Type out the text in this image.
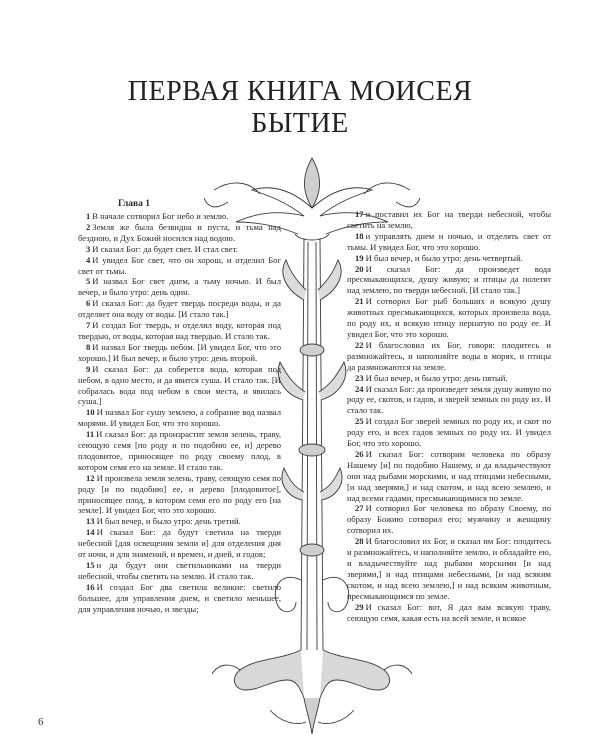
ПЕРВАЯ КНИГА МОИСЕЯ
БЫТИЕ
Глава 1

1 В начале сотворил Бог небо и землю.

2 Земля же была безвидна и пуста, и тьма над бездною, и Дух Божий носился над водою.

3 И сказал Бог: да будет свет. И стал свет.

4 И увидел Бог свет, что он хорош, и отделил Бог свет от тьмы.

5 И назвал Бог свет днем, а тьму ночью. И был вечер, и было утро: день один.

6 И сказал Бог: да будет твердь посреди воды, и да отделяет она воду от воды. [И стало так.]

7 И создал Бог твердь, и отделил воду, которая под твердью, от воды, которая над твердью. И стало так.

8 И назвал Бог твердь небом. [И увидел Бог, что это хорошо.] И был вечер, и было утро: день второй.

9 И сказал Бог: да соберется вода, которая под небом, в одно место, и да явится суша. И стало так. [И собралась вода под небом в свои места, и явилась суша.]

10 И назвал Бог сушу землею, а собрание вод назвал морями. И увидел Бог, что это хорошо.

11 И сказал Бог: да произрастит земля зелень, траву, сеющую семя [по роду и по подобию ее, и] дерево плодовитое, приносящее по роду своему плод, в котором семя его на земле. И стало так.

12 И произвела земля зелень, траву, сеющую семя по роду [и по подобию] ее, и дерево [плодовитое], приносящее плод, в котором семя его по роду его [на земле]. И увидел Бог, что это хорошо.

13 И был вечер, и было утро: день третий.

14 И сказал Бог: да будут светила на тверди небесной [для освещения земли и] для отделения дня от ночи, и для знамений, и времен, и дней, и годов;

15 и да будут они светильниками на тверди небесной, чтобы светить на землю. И стало так.

16 И создал Бог два светила великие: светило большее, для управления днем, и светило меньшее, для управления ночью, и звезды;

17 и поставил их Бог на тверди небесной, чтобы светить на землю,

18 и управлять днем и ночью, и отделять свет от тьмы. И увидел Бог, что это хорошо.

19 И был вечер, и было утро: день четвертый.

20 И сказал Бог: да произведет вода пресмыкающихся, душу живую; и птицы да полетят над землею, по тверди небесной. [И стало так.]

21 И сотворил Бог рыб больших и всякую душу животных пресмыкающихся, которых произвела вода, по роду их, и всякую птицу пернатую по роду ее. И увидел Бог, что это хорошо.

22 И благословил их Бог, говоря: плодитесь и размножайтесь, и наполняйте воды в морях, и птицы да размножаются на земле.

23 И был вечер, и было утро: день пятый.

24 И сказал Бог: да произведет земля душу живую по роду ее, скотов, и гадов, и зверей земных по роду их. И стало так.

25 И создал Бог зверей земных по роду их, и скот по роду его, и всех гадов земных по роду их. И увидел Бог, что это хорошо.

26 И сказал Бог: сотворим человека по образу Нашему [и] по подобию Нашему, и да владычествуют они над рыбами морскими, и над птицами небесными, [и над зверями,] и над скотом, и над всею землею, и над всеми гадами, пресмыкающимися по земле.

27 И сотворил Бог человека по образу Своему, по образу Божию сотворил его; мужчину и женщину сотворил их.

28 И благословил их Бог, и сказал им Бог: плодитесь и размножайтесь, и наполняйте землю, и обладайте ею, и владычествуйте над рыбами морскими [и над зверями,] и над птицами небесными, [и над всяким скотом, и над всею землею,] и над всяким животным, пресмыкающимся по земле.

29 И сказал Бог: вот, Я дал вам всякую траву, сеющую семя, какая есть на всей земле, и всякое

6
